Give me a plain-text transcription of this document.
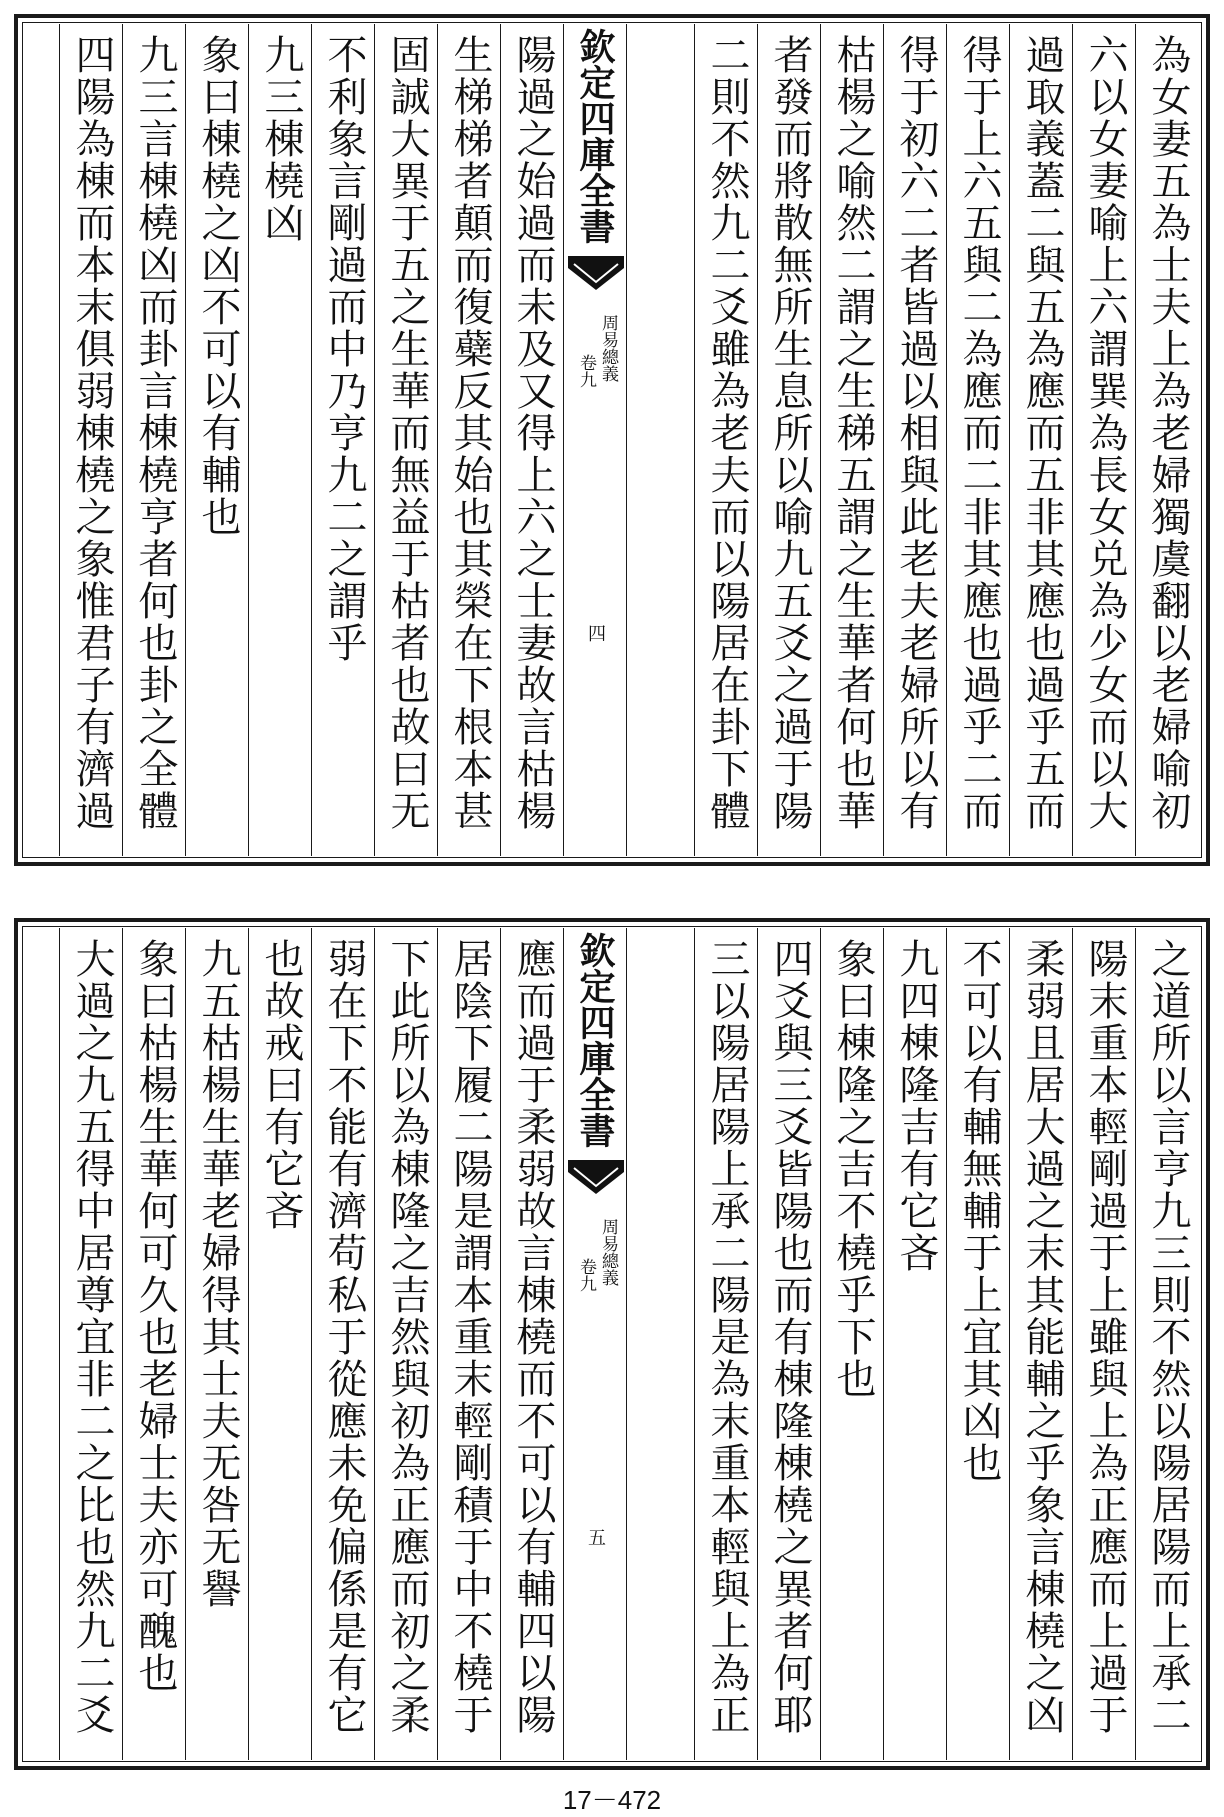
為女妻五為士夫上為老婦獨虞翻以老婦喻初
六以女妻喻上六謂巽為長女兑為少女而以大
過取義蓋二與五為應而五非其應也過乎五而
得于上六五與二為應而二非其應也過乎二而
得于初六二者皆過以相與此老夫老婦所以有
枯楊之喻然二謂之生稊五謂之生華者何也華
者發而將散無所生息所以喻九五爻之過于陽
二則不然九二爻雖為老夫而以陽居在卦下體
欽定四庫全書
周易總義
卷九
四
陽過之始過而未及又得上六之士妻故言枯楊
生梯梯者顛而復蘗反其始也其榮在下根本甚
固誠大異于五之生華而無益于枯者也故曰无
不利象言剛過而中乃亨九二之謂乎
九三棟橈凶
象曰棟橈之凶不可以有輔也
九三言棟橈凶而卦言棟橈亨者何也卦之全體
四陽為棟而本末俱弱棟橈之象惟君子有濟過
之道所以言亨九三則不然以陽居陽而上承二
陽末重本輕剛過于上雖與上為正應而上過于
柔弱且居大過之末其能輔之乎象言棟橈之凶
不可以有輔無輔于上宜其凶也
九四棟隆吉有它吝
象曰棟隆之吉不橈乎下也
四爻與三爻皆陽也而有棟隆棟橈之異者何耶
三以陽居陽上承二陽是為末重本輕與上為正
欽定四庫全書
周易總義
卷九
五
應而過于柔弱故言棟橈而不可以有輔四以陽
居陰下履二陽是謂本重末輕剛積于中不橈于
下此所以為棟隆之吉然與初為正應而初之柔
弱在下不能有濟苟私于從應未免偏係是有它
也故戒曰有它吝
九五枯楊生華老婦得其士夫无咎无譽
象曰枯楊生華何可久也老婦士夫亦可醜也
大過之九五得中居尊宜非二之比也然九二爻
17－472
